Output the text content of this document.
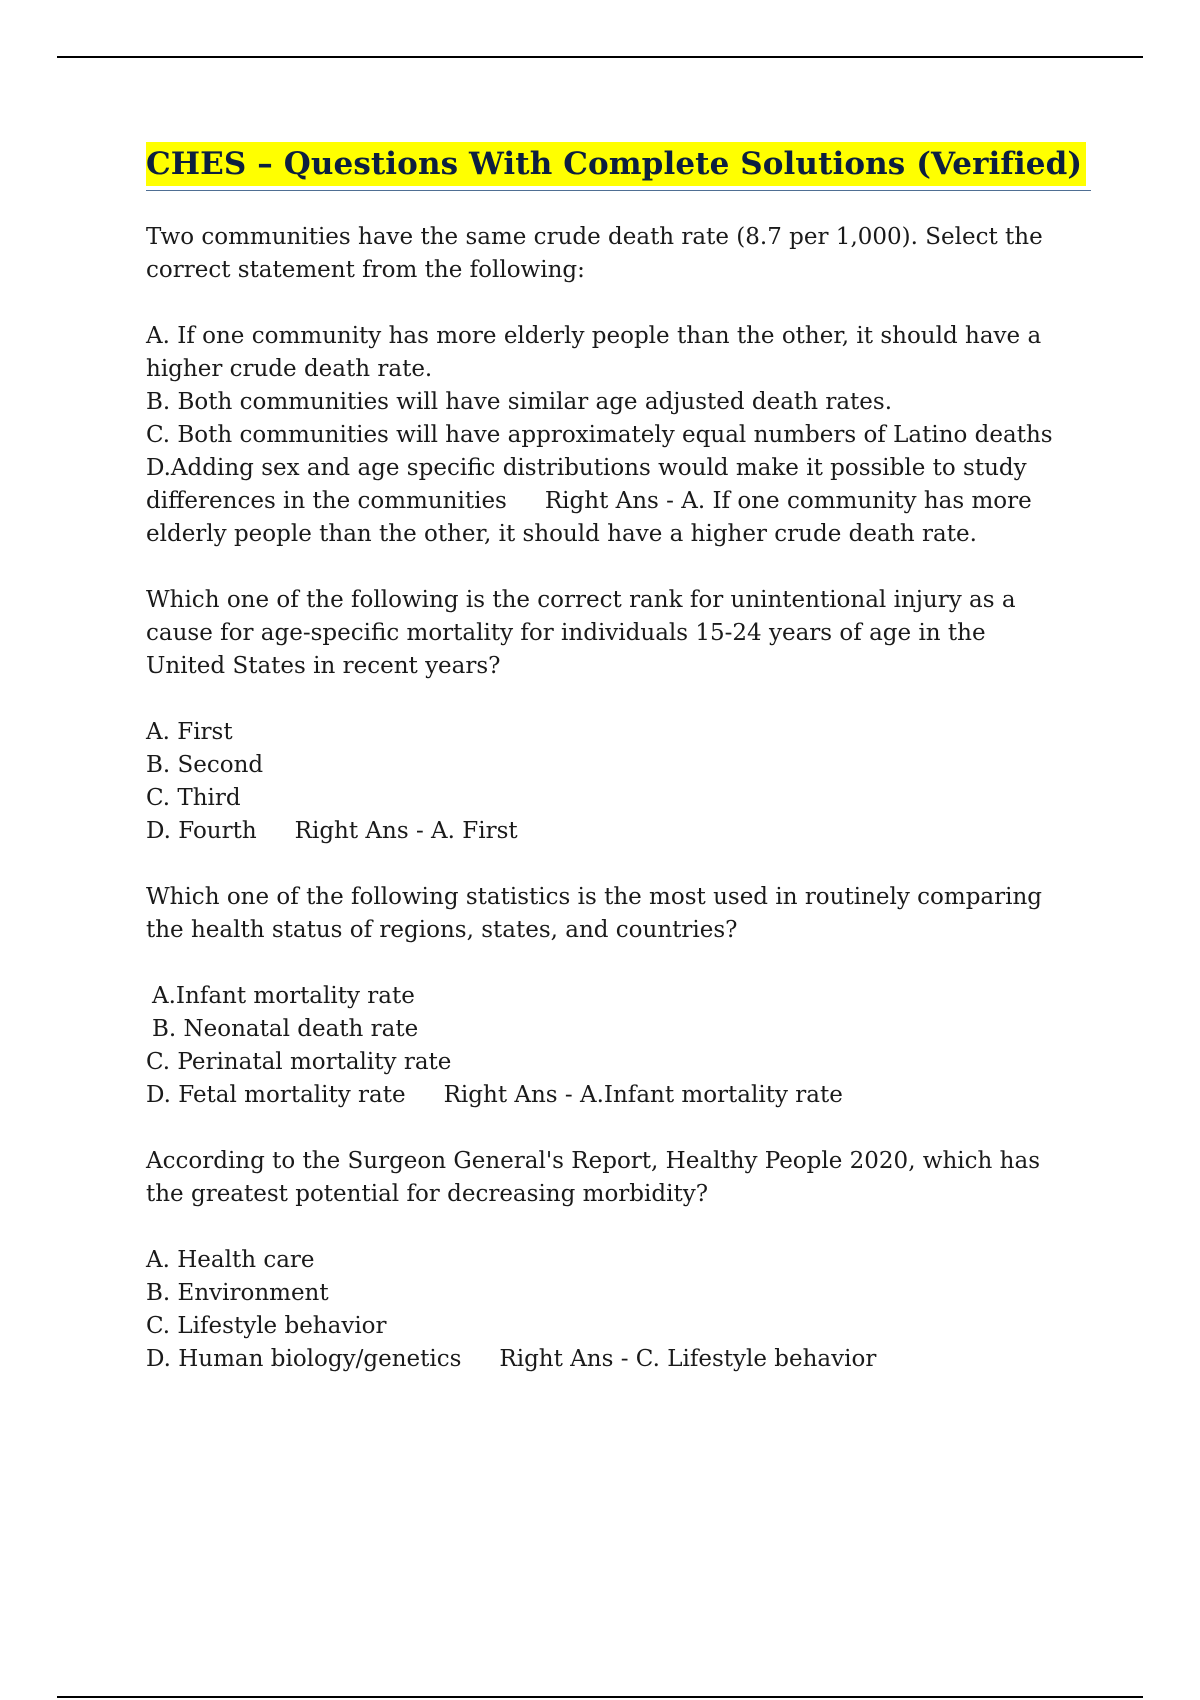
CHES – Questions With Complete Solutions (Verified)
Two communities have the same crude death rate (8.7 per 1,000). Select the
correct statement from the following:
A. If one community has more elderly people than the other, it should have a
higher crude death rate.
B. Both communities will have similar age adjusted death rates.
C. Both communities will have approximately equal numbers of Latino deaths
D.Adding sex and age specific distributions would make it possible to study
differences in the communities Right Ans - A. If one community has more
elderly people than the other, it should have a higher crude death rate.
Which one of the following is the correct rank for unintentional injury as a
cause for age-specific mortality for individuals 15-24 years of age in the
United States in recent years?
A. First
B. Second
C. Third
D. Fourth Right Ans - A. First
Which one of the following statistics is the most used in routinely comparing
the health status of regions, states, and countries?
A.Infant mortality rate
B. Neonatal death rate
C. Perinatal mortality rate
D. Fetal mortality rate Right Ans - A.Infant mortality rate
According to the Surgeon General's Report, Healthy People 2020, which has
the greatest potential for decreasing morbidity?
A. Health care
B. Environment
C. Lifestyle behavior
D. Human biology/genetics Right Ans - C. Lifestyle behavior
